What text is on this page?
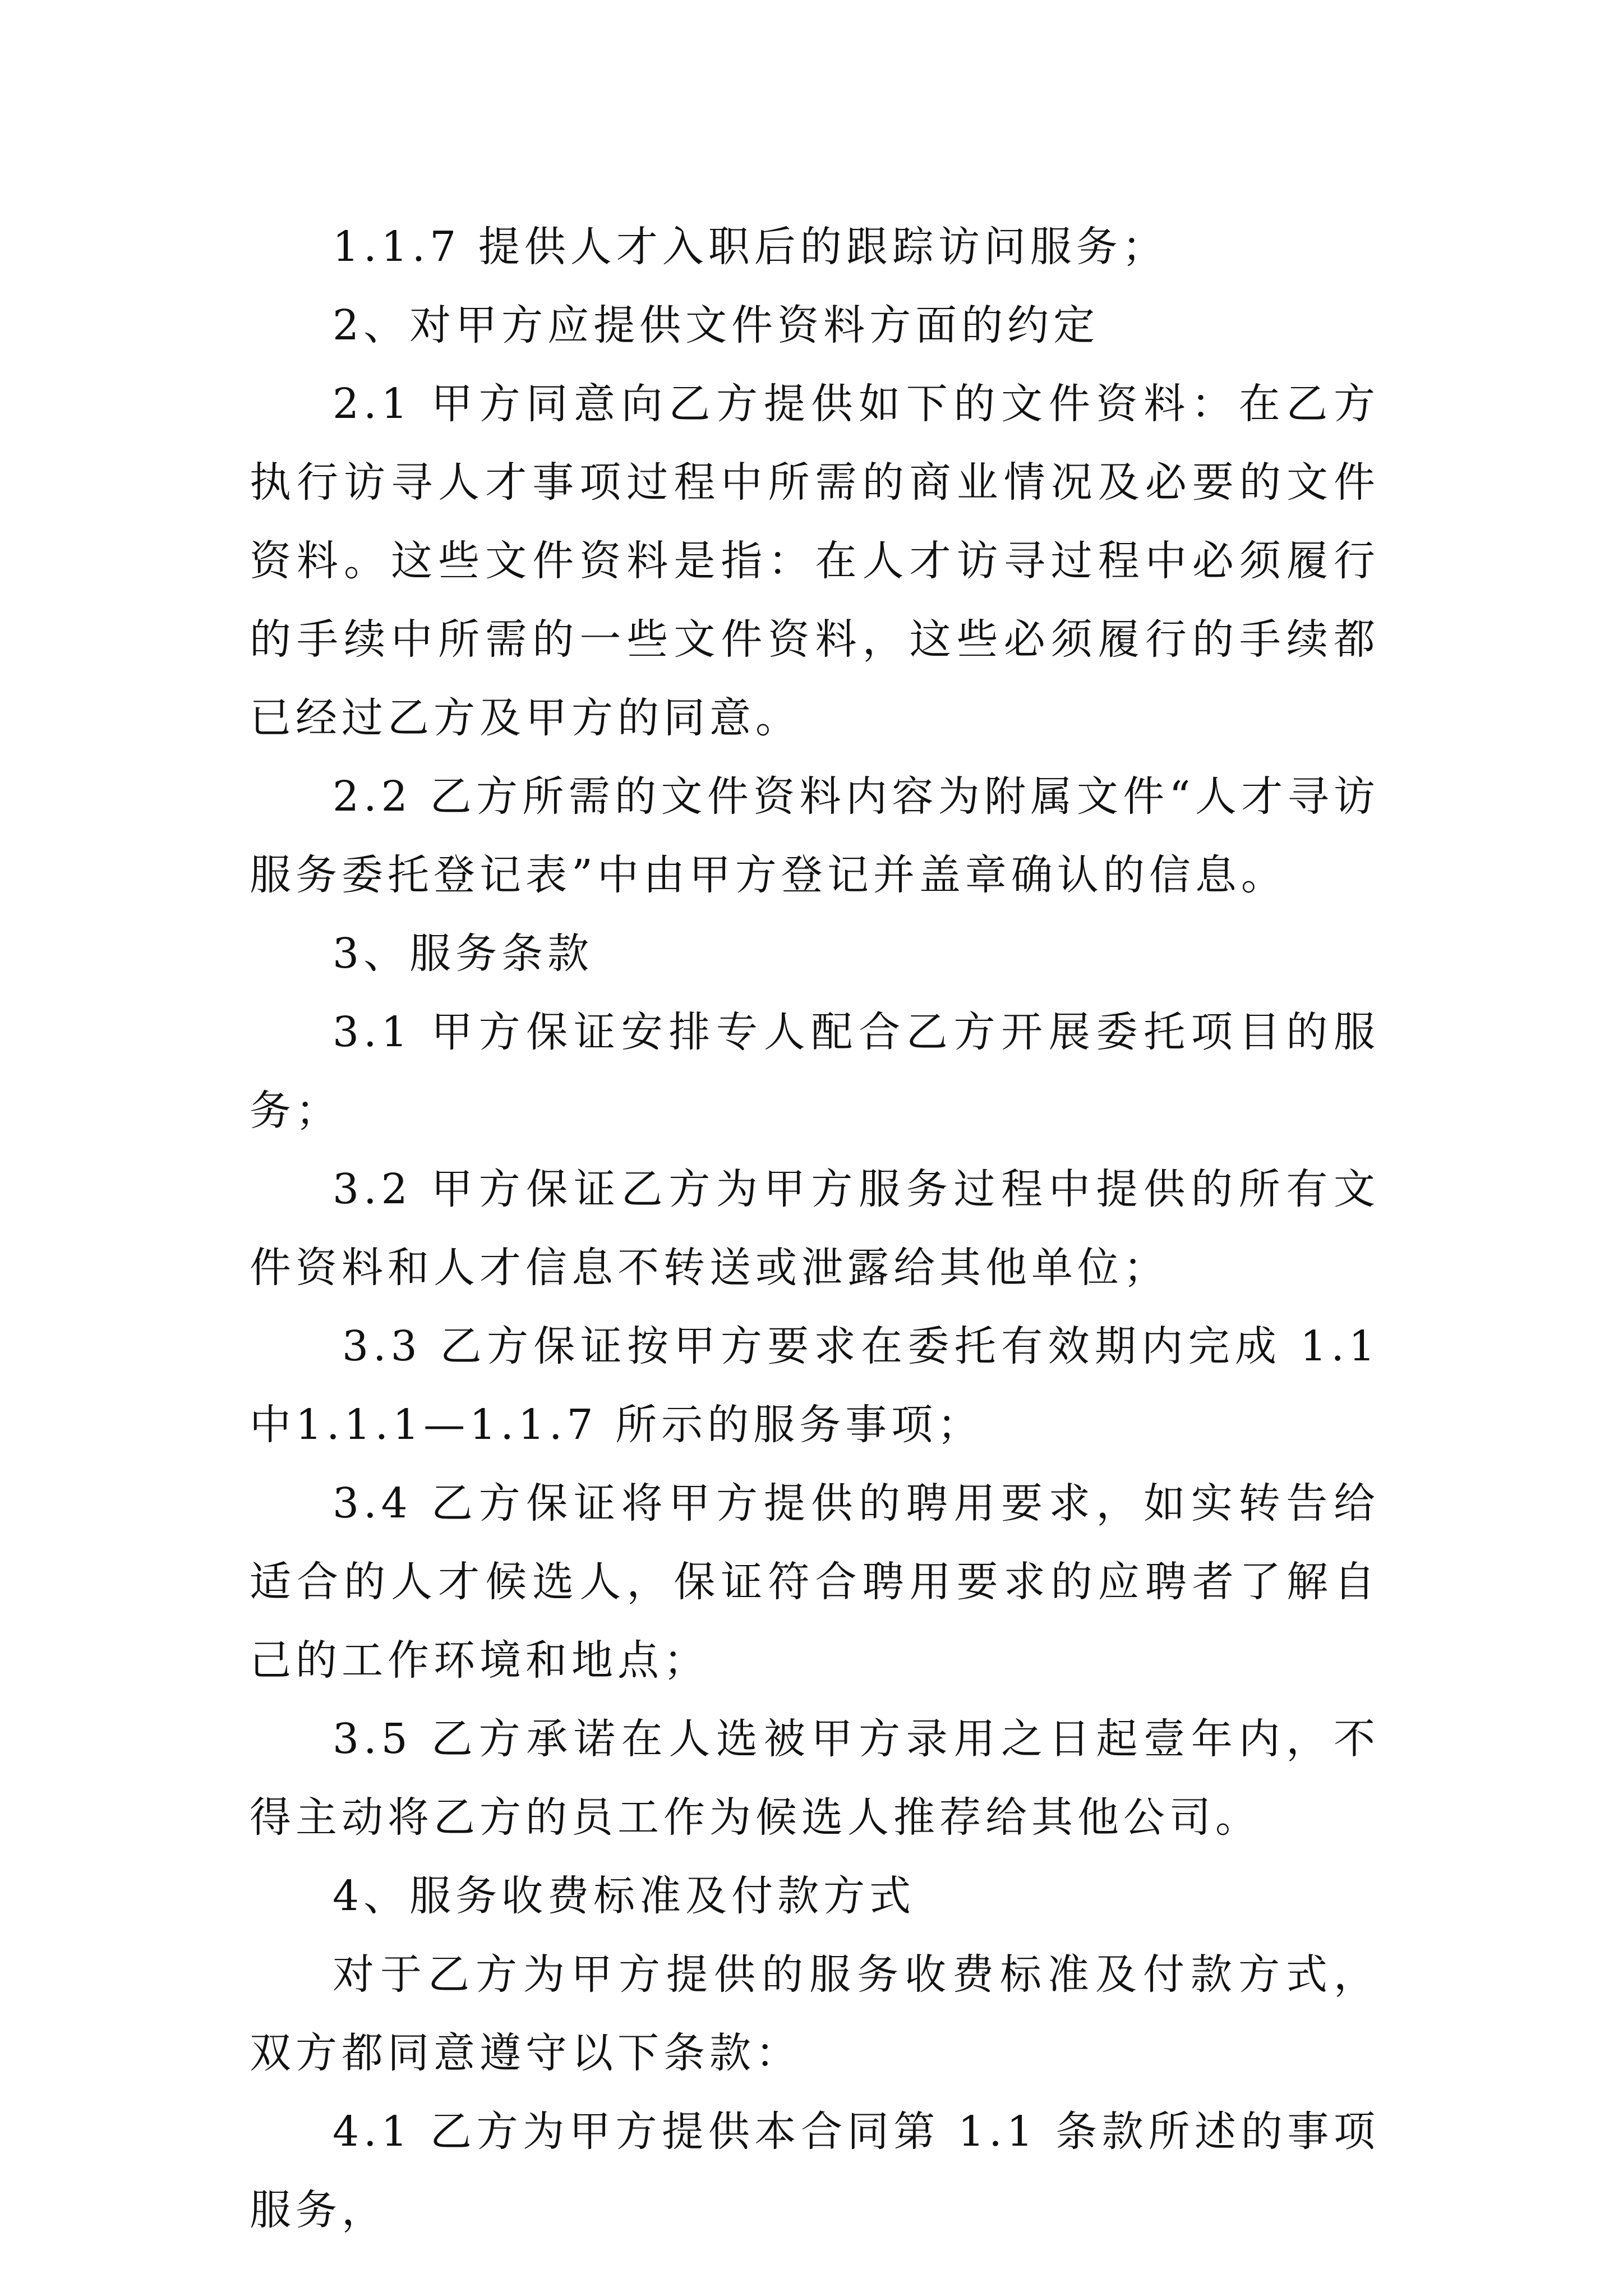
1.1.7 提供人才入职后的跟踪访问服务；

2、对甲方应提供文件资料方面的约定

2.1 甲方同意向乙方提供如下的文件资料：在乙方执行访寻人才事项过程中所需的商业情况及必要的文件资料。这些文件资料是指：在人才访寻过程中必须履行的手续中所需的一些文件资料，这些必须履行的手续都已经过乙方及甲方的同意。

2.2 乙方所需的文件资料内容为附属文件“人才寻访服务委托登记表”中由甲方登记并盖章确认的信息。

3、服务条款

3.1 甲方保证安排专人配合乙方开展委托项目的服务；

3.2 甲方保证乙方为甲方服务过程中提供的所有文件资料和人才信息不转送或泄露给其他单位；

3.3 乙方保证按甲方要求在委托有效期内完成 1.1 中1.1.1—1.1.7 所示的服务事项；

3.4 乙方保证将甲方提供的聘用要求，如实转告给适合的人才候选人，保证符合聘用要求的应聘者了解自己的工作环境和地点；

3.5 乙方承诺在人选被甲方录用之日起壹年内，不得主动将乙方的员工作为候选人推荐给其他公司。

4、服务收费标准及付款方式

对于乙方为甲方提供的服务收费标准及付款方式，双方都同意遵守以下条款：

4.1 乙方为甲方提供本合同第 1.1 条款所述的事项服务，
